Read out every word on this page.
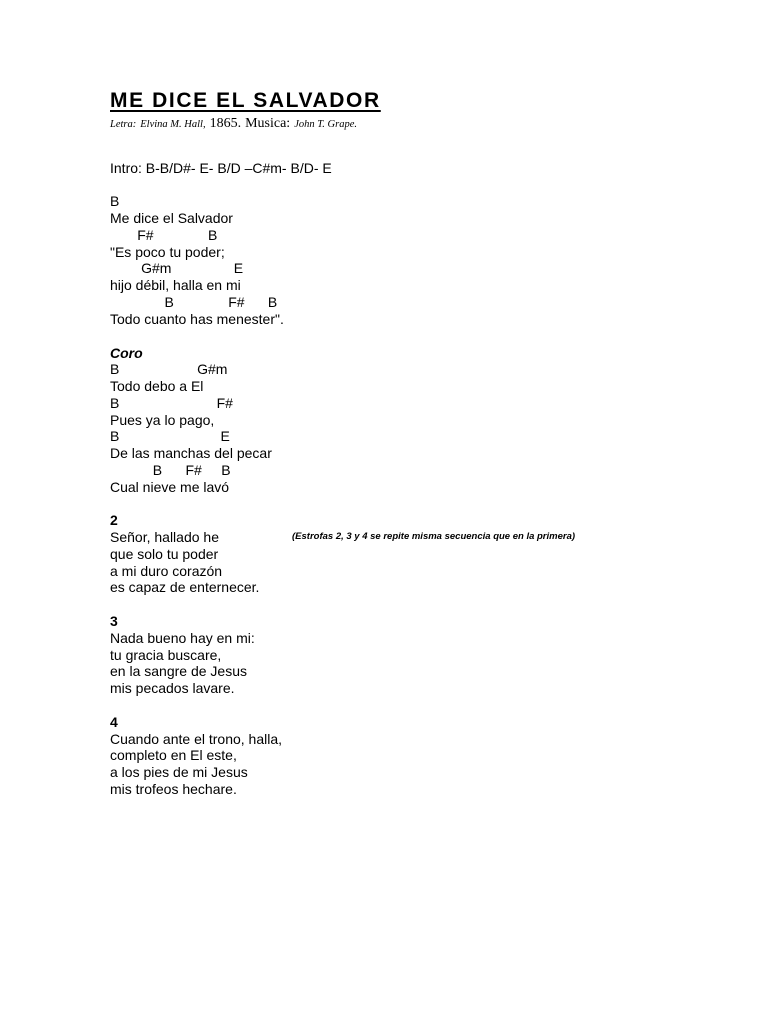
ME DICE EL SALVADOR
Letra: Elvina M. Hall, 1865. Musica: John T. Grape.
Intro: B-B/D#- E- B/D –C#m- B/D- E
B
Me dice el Salvador
F#              B
"Es poco tu poder;
G#m                E
hijo débil, halla en mi
B              F#      B
Todo cuanto has menester".
Coro
B                    G#m
Todo debo a El
B                         F#
Pues ya lo pago,
B                          E
De las manchas del pecar
B      F#     B
Cual nieve me lavó
2
Señor, hallado he
que solo tu poder
a mi duro corazón
es capaz de enternecer.
(Estrofas 2, 3 y 4 se repite misma secuencia que en la primera)
3
Nada bueno hay en mi:
tu gracia buscare,
en la sangre de Jesus
mis pecados lavare.
4
Cuando ante el trono, halla,
completo en El este,
a los pies de mi Jesus
mis trofeos hechare.
